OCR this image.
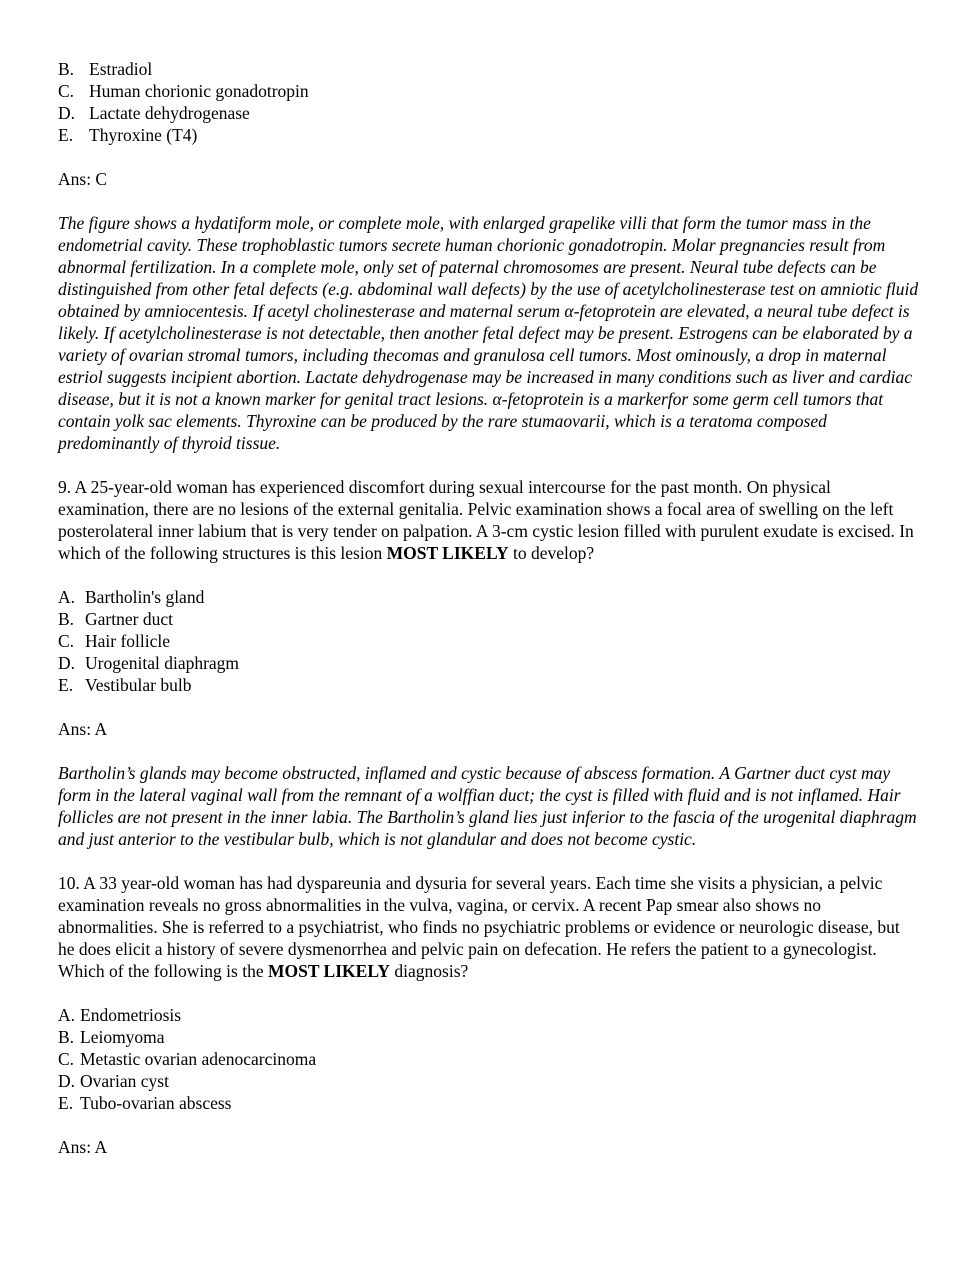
B. Estradiol
C. Human chorionic gonadotropin
D. Lactate dehydrogenase
E. Thyroxine (T4)

Ans: C

The figure shows a hydatiform mole, or complete mole, with enlarged grapelike villi that form the tumor mass in the endometrial cavity. These trophoblastic tumors secrete human chorionic gonadotropin. Molar pregnancies result from abnormal fertilization. In a complete mole, only set of paternal chromosomes are present. Neural tube defects can be distinguished from other fetal defects (e.g. abdominal wall defects) by the use of acetylcholinesterase test on amniotic fluid obtained by amniocentesis. If acetyl cholinesterase and maternal serum α-fetoprotein are elevated, a neural tube defect is likely. If acetylcholinesterase is not detectable, then another fetal defect may be present. Estrogens can be elaborated by a variety of ovarian stromal tumors, including thecomas and granulosa cell tumors. Most ominously, a drop in maternal estriol suggests incipient abortion. Lactate dehydrogenase may be increased in many conditions such as liver and cardiac disease, but it is not a known marker for genital tract lesions. α-fetoprotein is a markerfor some germ cell tumors that contain yolk sac elements. Thyroxine can be produced by the rare stumaovarii, which is a teratoma composed predominantly of thyroid tissue.

9. A 25-year-old woman has experienced discomfort during sexual intercourse for the past month. On physical examination, there are no lesions of the external genitalia. Pelvic examination shows a focal area of swelling on the left posterolateral inner labium that is very tender on palpation. A 3-cm cystic lesion filled with purulent exudate is excised. In which of the following structures is this lesion MOST LIKELY to develop?

A. Bartholin's gland
B. Gartner duct
C. Hair follicle
D. Urogenital diaphragm
E. Vestibular bulb

Ans: A

Bartholin’s glands may become obstructed, inflamed and cystic because of abscess formation. A Gartner duct cyst may form in the lateral vaginal wall from the remnant of a wolffian duct; the cyst is filled with fluid and is not inflamed. Hair follicles are not present in the inner labia. The Bartholin’s gland lies just inferior to the fascia of the urogenital diaphragm and just anterior to the vestibular bulb, which is not glandular and does not become cystic.

10. A 33 year-old woman has had dyspareunia and dysuria for several years. Each time she visits a physician, a pelvic examination reveals no gross abnormalities in the vulva, vagina, or cervix. A recent Pap smear also shows no abnormalities. She is referred to a psychiatrist, who finds no psychiatric problems or evidence or neurologic disease, but he does elicit a history of severe dysmenorrhea and pelvic pain on defecation. He refers the patient to a gynecologist. Which of the following is the MOST LIKELY diagnosis?

A. Endometriosis
B. Leiomyoma
C. Metastic ovarian adenocarcinoma
D. Ovarian cyst
E. Tubo-ovarian abscess

Ans: A
